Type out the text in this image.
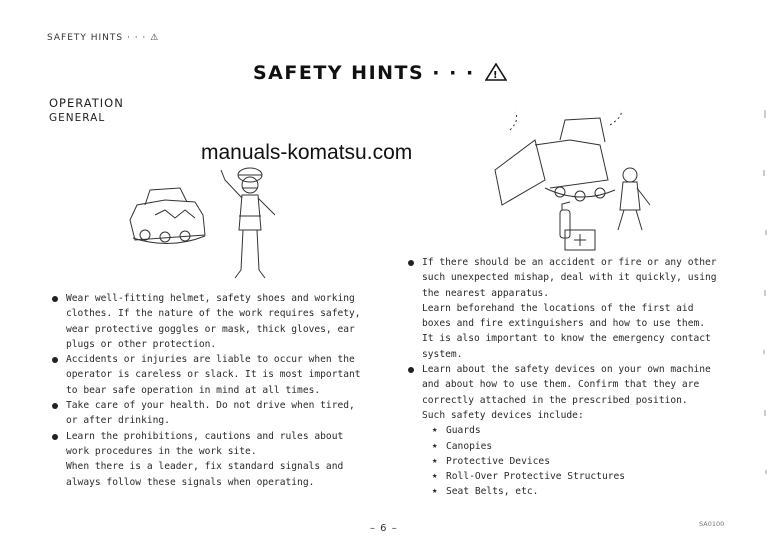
SAFETY HINTS · · · ⚠
SAFETY HINTS · · · !
OPERATION
GENERAL
manuals-komatsu.com
Wear well-fitting helmet, safety shoes and working clothes. If the nature of the work requires safety, wear protective goggles or mask, thick gloves, ear plugs or other protection.
Accidents or injuries are liable to occur when the operator is careless or slack. It is most important to bear safe operation in mind at all times.
Take care of your health. Do not drive when tired, or after drinking.
Learn the prohibitions, cautions and rules about work procedures in the work site.
When there is a leader, fix standard signals and always follow these signals when operating.
If there should be an accident or fire or any other such unexpected mishap, deal with it quickly, using the nearest apparatus.
Learn beforehand the locations of the first aid boxes and fire extinguishers and how to use them. It is also important to know the emergency contact system.
Learn about the safety devices on your own machine and about how to use them. Confirm that they are correctly attached in the prescribed position.
Such safety devices include:
★ Guards
★ Canopies
★ Protective Devices
★ Roll-Over Protective Structures
★ Seat Belts, etc.
– 6 –	SA0100
